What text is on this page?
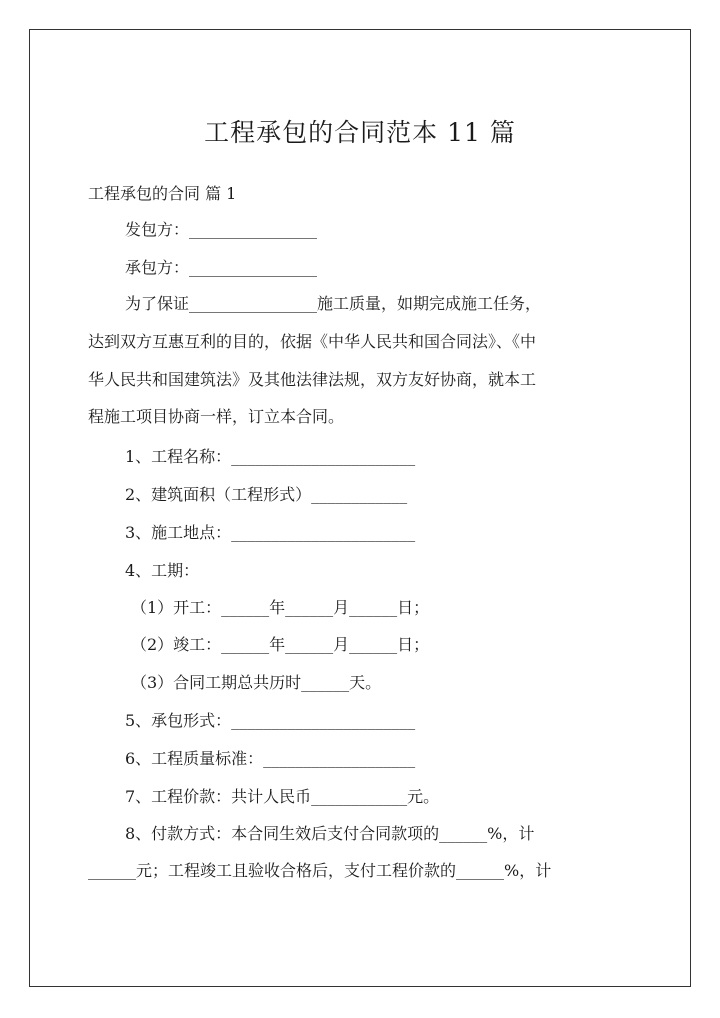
工程承包的合同范本 11 篇

工程承包的合同 篇 1

发包方：________________

承包方：________________

为了保证________________施工质量，如期完成施工任务，

达到双方互惠互利的目的，依据《中华人民共和国合同法》、《中

华人民共和国建筑法》及其他法律法规，双方友好协商，就本工

程施工项目协商一样，订立本合同。

1、工程名称：_______________________

2、建筑面积（工程形式）____________

3、施工地点：_______________________

4、工期：

（1）开工：______年______月______日；

（2）竣工：______年______月______日；

（3）合同工期总共历时______天。

5、承包形式：_______________________

6、工程质量标准：___________________

7、工程价款：共计人民币____________元。

8、付款方式：本合同生效后支付合同款项的______%，计

______元；工程竣工且验收合格后，支付工程价款的______%，计
